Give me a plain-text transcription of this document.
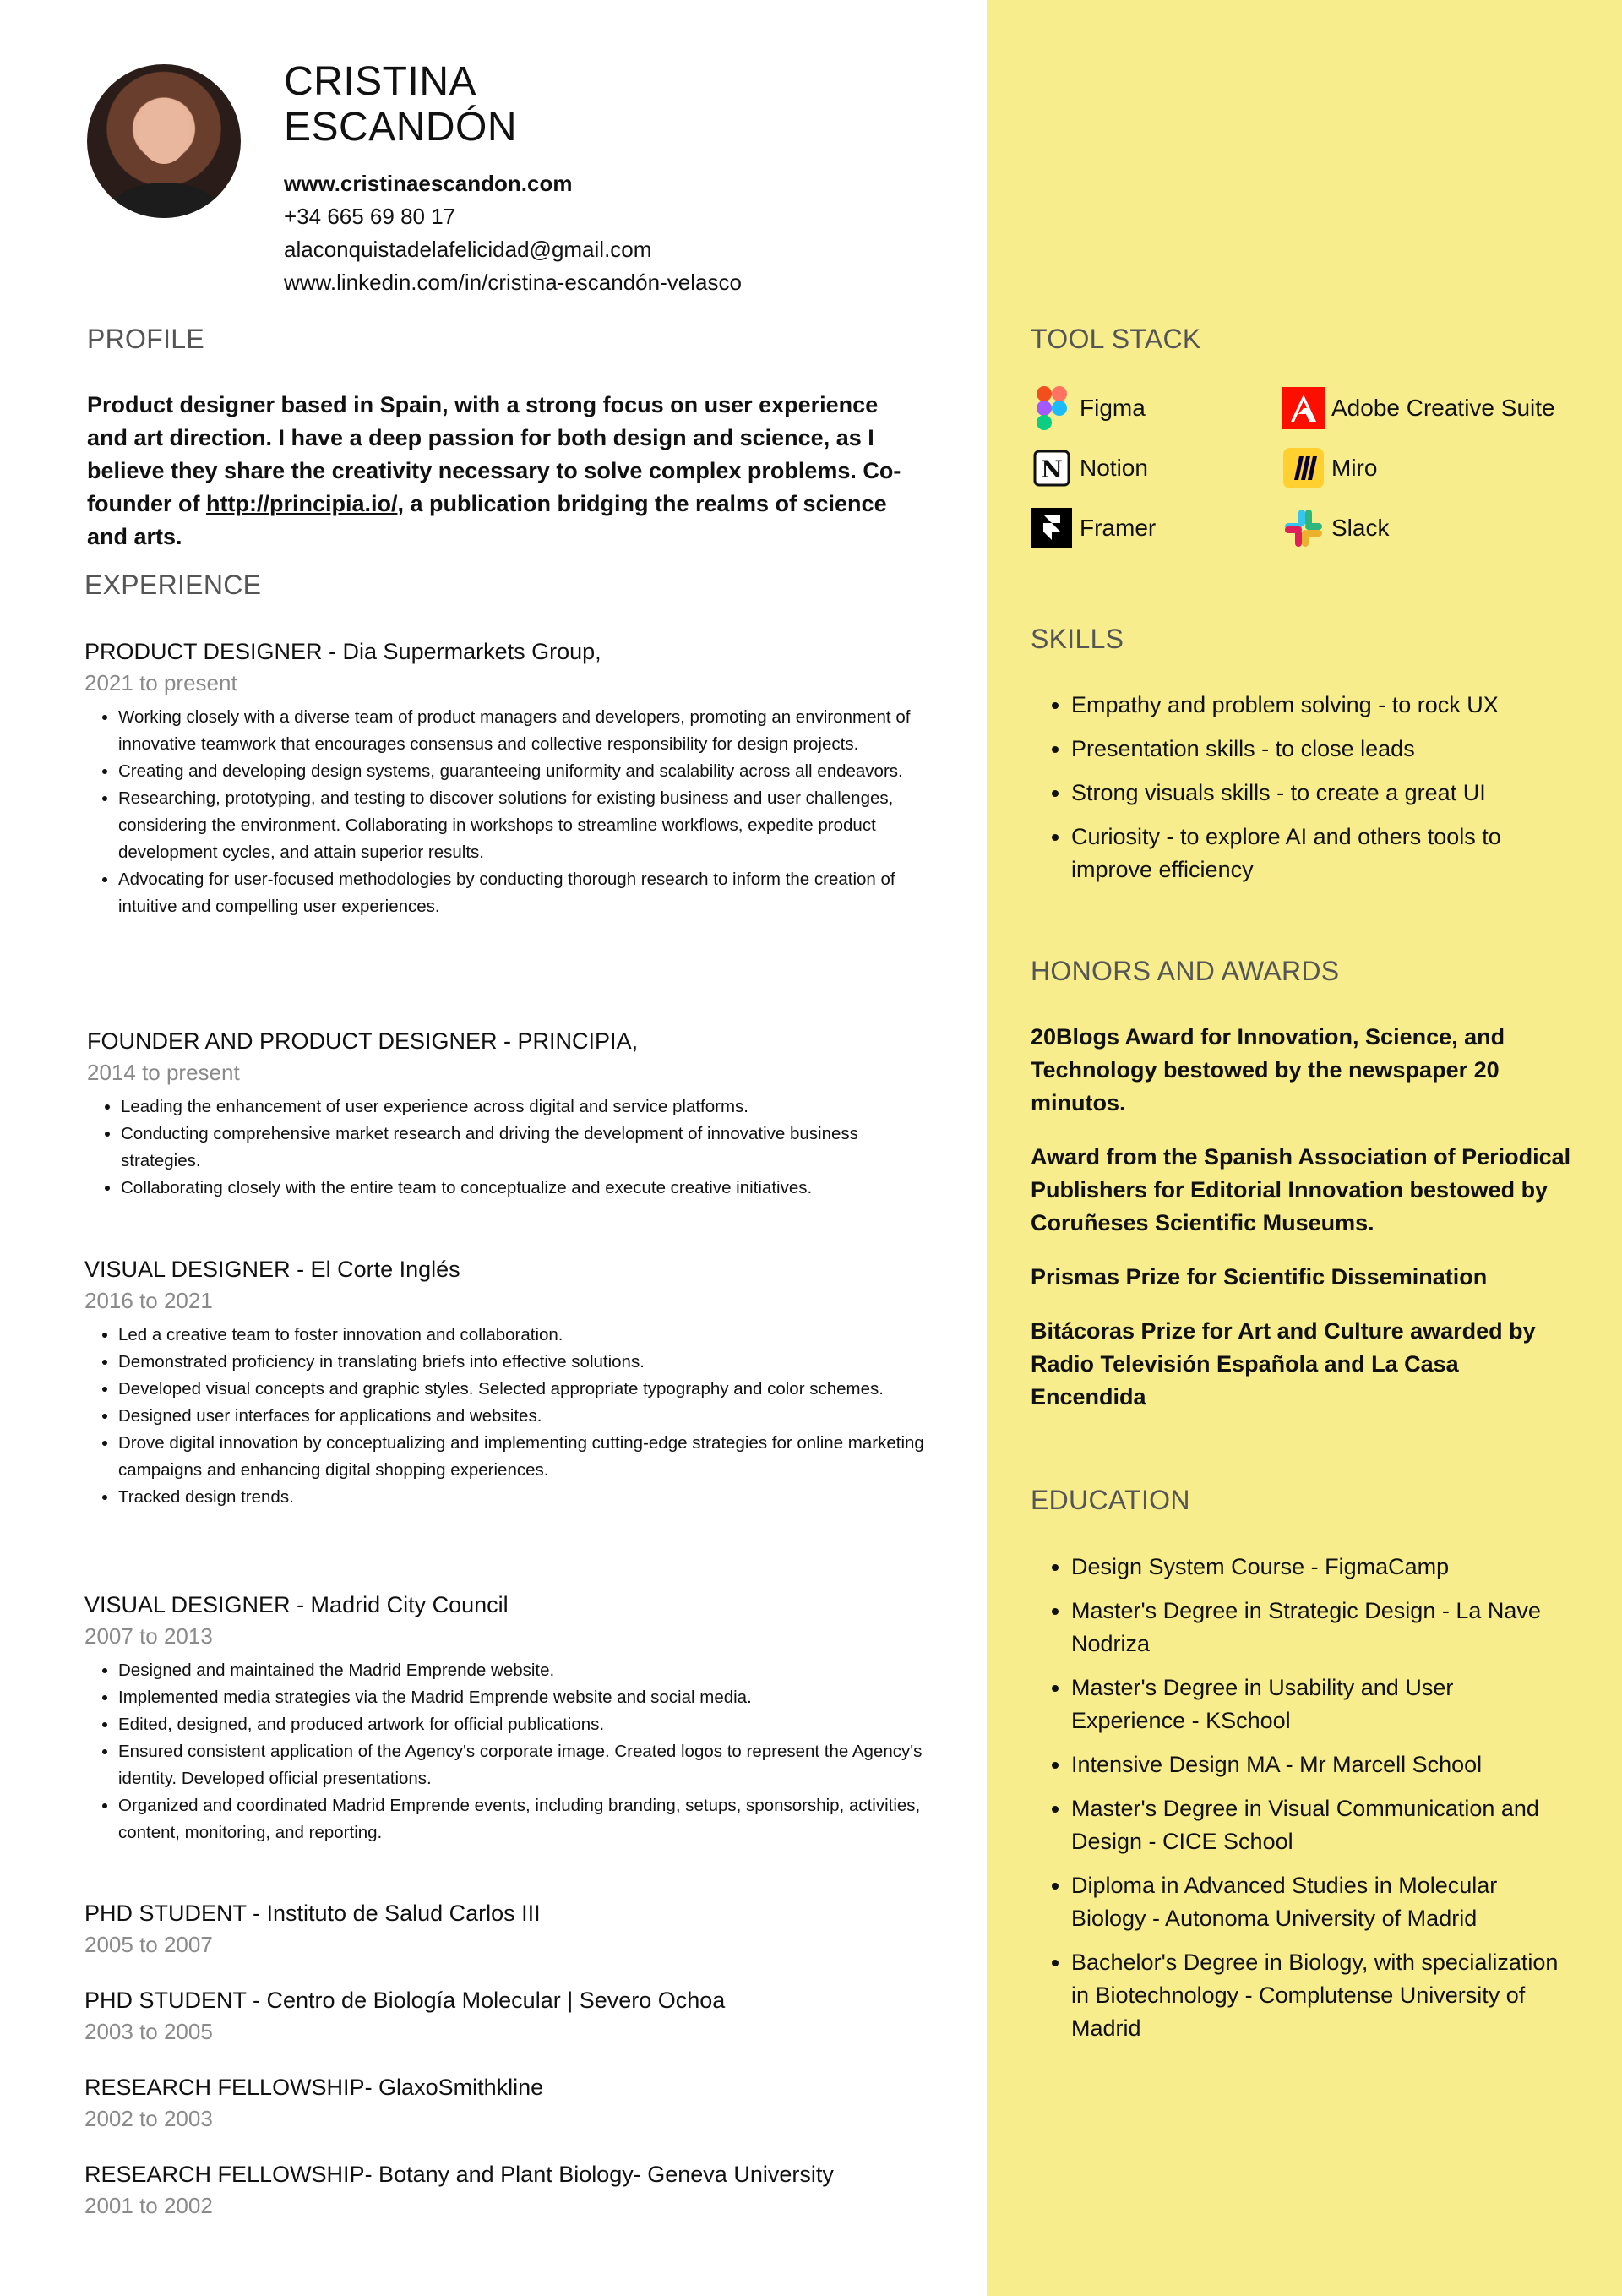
CRISTINA
ESCANDÓN
www.cristinaescandon.com
+34 665 69 80 17
alaconquistadelafelicidad@gmail.com
www.linkedin.com/in/cristina-escandón-velasco
PROFILE
Product designer based in Spain, with a strong focus on user experience and art direction. I have a deep passion for both design and science, as I believe they share the creativity necessary to solve complex problems. Co-founder of http://principia.io/, a publication bridging the realms of science and arts.
EXPERIENCE
PRODUCT DESIGNER - Dia Supermarkets Group,
2021 to present
• Working closely with a diverse team of product managers and developers, promoting an environment of innovative teamwork that encourages consensus and collective responsibility for design projects.
• Creating and developing design systems, guaranteeing uniformity and scalability across all endeavors.
• Researching, prototyping, and testing to discover solutions for existing business and user challenges, considering the environment. Collaborating in workshops to streamline workflows, expedite product development cycles, and attain superior results.
• Advocating for user-focused methodologies by conducting thorough research to inform the creation of intuitive and compelling user experiences.
FOUNDER AND PRODUCT DESIGNER - PRINCIPIA,
2014 to present
• Leading the enhancement of user experience across digital and service platforms.
• Conducting comprehensive market research and driving the development of innovative business strategies.
• Collaborating closely with the entire team to conceptualize and execute creative initiatives.
VISUAL DESIGNER - El Corte Inglés
2016 to 2021
• Led a creative team to foster innovation and collaboration.
• Demonstrated proficiency in translating briefs into effective solutions.
• Developed visual concepts and graphic styles. Selected appropriate typography and color schemes.
• Designed user interfaces for applications and websites.
• Drove digital innovation by conceptualizing and implementing cutting-edge strategies for online marketing campaigns and enhancing digital shopping experiences.
• Tracked design trends.
VISUAL DESIGNER - Madrid City Council
2007 to 2013
• Designed and maintained the Madrid Emprende website.
• Implemented media strategies via the Madrid Emprende website and social media.
• Edited, designed, and produced artwork for official publications.
• Ensured consistent application of the Agency's corporate image. Created logos to represent the Agency's identity. Developed official presentations.
• Organized and coordinated Madrid Emprende events, including branding, setups, sponsorship, activities, content, monitoring, and reporting.
PHD STUDENT - Instituto de Salud Carlos III
2005 to 2007
PHD STUDENT - Centro de Biología Molecular | Severo Ochoa
2003 to 2005
RESEARCH FELLOWSHIP- GlaxoSmithkline
2002 to 2003
RESEARCH FELLOWSHIP- Botany and Plant Biology- Geneva University
2001 to 2002
TOOL STACK
Figma	Adobe Creative Suite
N Notion	Miro
Framer	Slack
SKILLS
• Empathy and problem solving - to rock UX
• Presentation skills - to close leads
• Strong visuals skills - to create a great UI
• Curiosity - to explore AI and others tools to improve efficiency
HONORS AND AWARDS

20Blogs Award for Innovation, Science, and Technology bestowed by the newspaper 20 minutos.

Award from the Spanish Association of Periodical Publishers for Editorial Innovation bestowed by Coruñeses Scientific Museums.

Prismas Prize for Scientific Dissemination

Bitácoras Prize for Art and Culture awarded by Radio Televisión Española and La Casa Encendida

EDUCATION
• Design System Course - FigmaCamp
• Master's Degree in Strategic Design - La Nave Nodriza
• Master's Degree in Usability and User Experience - KSchool
• Intensive Design MA - Mr Marcell School
• Master's Degree in Visual Communication and Design - CICE School
• Diploma in Advanced Studies in Molecular Biology - Autonoma University of Madrid
• Bachelor's Degree in Biology, with specialization in Biotechnology - Complutense University of Madrid
